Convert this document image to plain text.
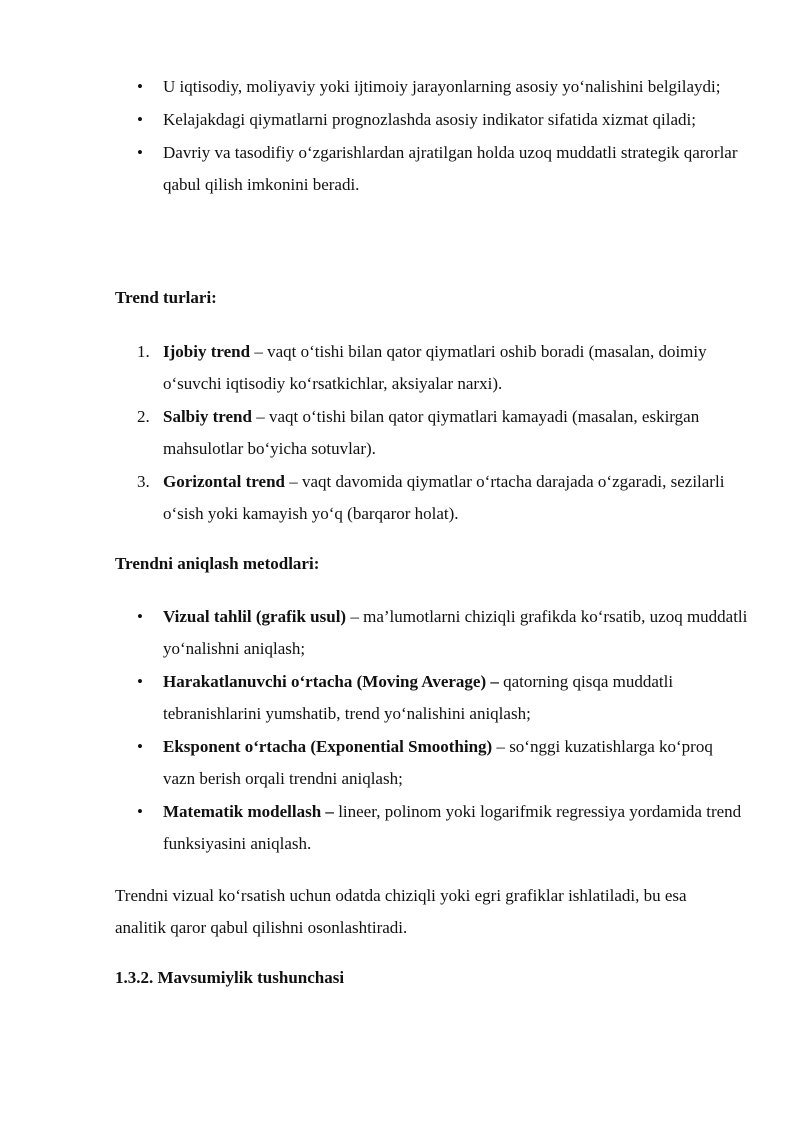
• U iqtisodiy, moliyaviy yoki ijtimoiy jarayonlarning asosiy yo‘nalishini belgilaydi;
• Kelajakdagi qiymatlarni prognozlashda asosiy indikator sifatida xizmat qiladi;
• Davriy va tasodifiy o‘zgarishlardan ajratilgan holda uzoq muddatli strategik qarorlar qabul qilish imkonini beradi.
Trend turlari:
1. Ijobiy trend – vaqt o‘tishi bilan qator qiymatlari oshib boradi (masalan, doimiy o‘suvchi iqtisodiy ko‘rsatkichlar, aksiyalar narxi).
2. Salbiy trend – vaqt o‘tishi bilan qator qiymatlari kamayadi (masalan, eskirgan mahsulotlar bo‘yicha sotuvlar).
3. Gorizontal trend – vaqt davomida qiymatlar o‘rtacha darajada o‘zgaradi, sezilarli o‘sish yoki kamayish yo‘q (barqaror holat).
Trendni aniqlash metodlari:
• Vizual tahlil (grafik usul) – ma’lumotlarni chiziqli grafikda ko‘rsatib, uzoq muddatli yo‘nalishni aniqlash;
• Harakatlanuvchi o‘rtacha (Moving Average) – qatorning qisqa muddatli tebranishlarini yumshatib, trend yo‘nalishini aniqlash;
• Eksponent o‘rtacha (Exponential Smoothing) – so‘nggi kuzatishlarga ko‘proq vazn berish orqali trendni aniqlash;
• Matematik modellash – lineer, polinom yoki logarifmik regressiya yordamida trend funksiyasini aniqlash.
Trendni vizual ko‘rsatish uchun odatda chiziqli yoki egri grafiklar ishlatiladi, bu esa analitik qaror qabul qilishni osonlashtiradi.
1.3.2. Mavsumiylik tushunchasi
